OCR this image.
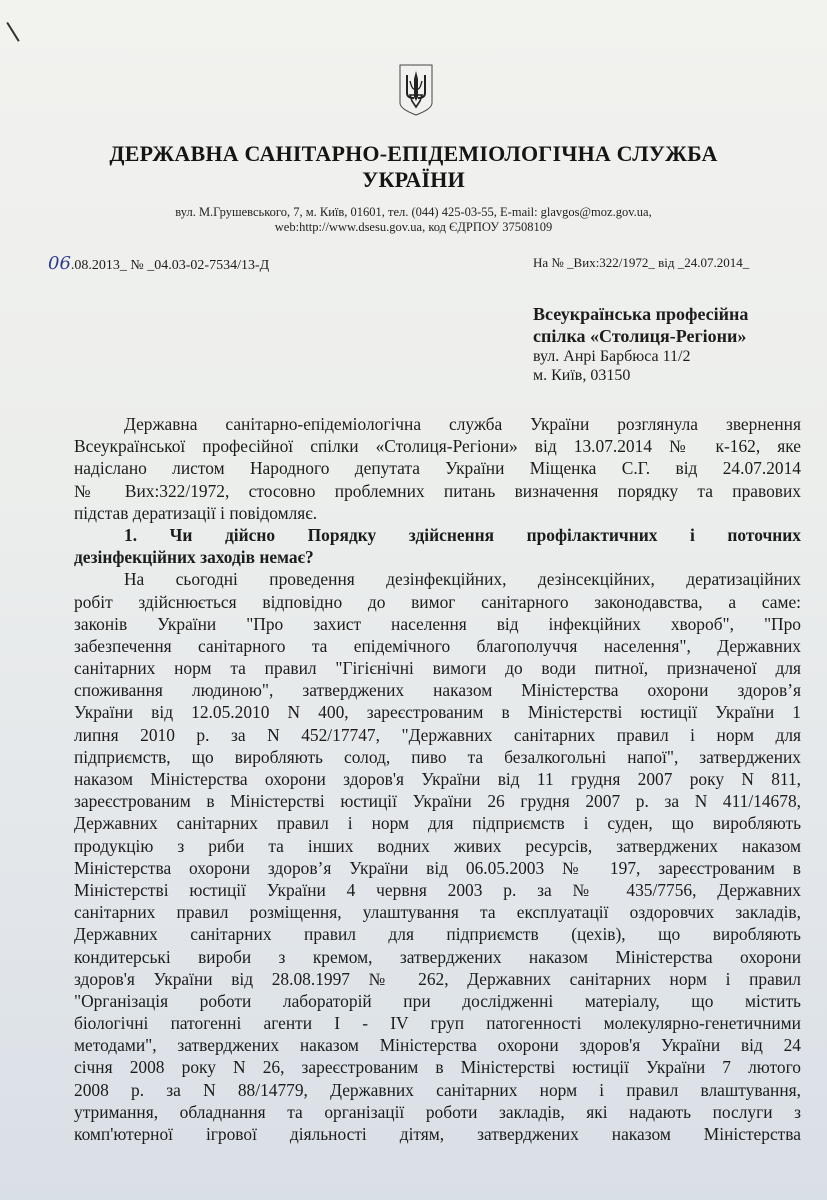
ДЕРЖАВНА САНІТАРНО-ЕПІДЕМІОЛОГІЧНА СЛУЖБА
УКРАЇНИ
вул. М.Грушевського, 7, м. Київ, 01601, тел. (044) 425-03-55, E-mail: glavgos@moz.gov.ua,
web:http://www.dsesu.gov.ua, код ЄДРПОУ 37508109
06.08.2013_ № _04.03-02-7534/13-Д	На № _Вих:322/1972_ від _24.07.2014_
Всеукраїнська професійна
спілка «Столиця-Регіони»
вул. Анрі Барбюса 11/2
м. Київ, 03150
Державна санітарно-епідеміологічна служба України розглянула звернення
Всеукраїнської професійної спілки «Столиця-Регіони» від 13.07.2014 № к-162, яке
надіслано листом Народного депутата України Міщенка С.Г. від 24.07.2014
№ Вих:322/1972, стосовно проблемних питань визначення порядку та правових
підстав дератизації і повідомляє.
1. Чи дійсно Порядку здійснення профілактичних і поточних
дезінфекційних заходів немає?
На сьогодні проведення дезінфекційних, дезінсекційних, дератизаційних
робіт здійснюється відповідно до вимог санітарного законодавства, а саме:
законів України "Про захист населення від інфекційних хвороб", "Про
забезпечення санітарного та епідемічного благополуччя населення", Державних
санітарних норм та правил "Гігієнічні вимоги до води питної, призначеної для
споживання людиною", затверджених наказом Міністерства охорони здоров’я
України від 12.05.2010 N 400, зареєстрованим в Міністерстві юстиції України 1
липня 2010 р. за N 452/17747, "Державних санітарних правил і норм для
підприємств, що виробляють солод, пиво та безалкогольні напої", затверджених
наказом Міністерства охорони здоров'я України від 11 грудня 2007 року N 811,
зареєстрованим в Міністерстві юстиції України 26 грудня 2007 р. за N 411/14678,
Державних санітарних правил і норм для підприємств і суден, що виробляють
продукцію з риби та інших водних живих ресурсів, затверджених наказом
Міністерства охорони здоров’я України від 06.05.2003 № 197, зареєстрованим в
Міністерстві юстиції України 4 червня 2003 р. за № 435/7756, Державних
санітарних правил розміщення, улаштування та експлуатації оздоровчих закладів,
Державних санітарних правил для підприємств (цехів), що виробляють
кондитерські вироби з кремом, затверджених наказом Міністерства охорони
здоров'я України від 28.08.1997 № 262, Державних санітарних норм і правил
"Організація роботи лабораторій при дослідженні матеріалу, що містить
біологічні патогенні агенти І - IV груп патогенності молекулярно-генетичними
методами", затверджених наказом Міністерства охорони здоров'я України від 24
січня 2008 року N 26, зареєстрованим в Міністерстві юстиції України 7 лютого
2008 р. за N 88/14779, Державних санітарних норм і правил влаштування,
утримання, обладнання та організації роботи закладів, які надають послуги з
комп'ютерної ігрової діяльності дітям, затверджених наказом Міністерства
